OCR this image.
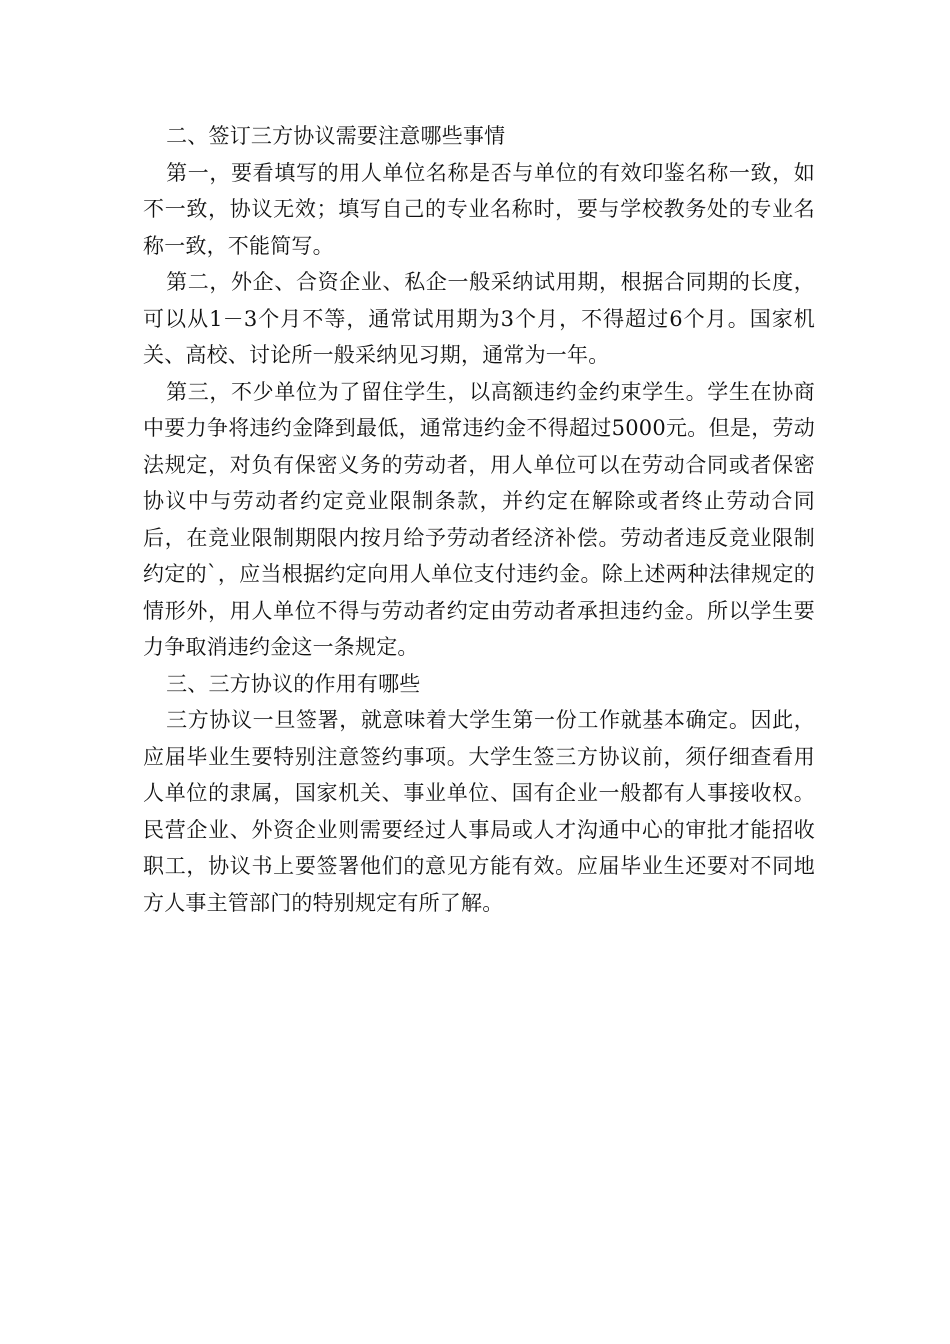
二、签订三方协议需要注意哪些事情

第一，要看填写的用人单位名称是否与单位的有效印鉴名称一致，如不一致，协议无效；填写自己的专业名称时，要与学校教务处的专业名称一致，不能简写。

第二，外企、合资企业、私企一般采纳试用期，根据合同期的长度，可以从1－3个月不等，通常试用期为3个月，不得超过6个月。国家机关、高校、讨论所一般采纳见习期，通常为一年。

第三，不少单位为了留住学生，以高额违约金约束学生。学生在协商中要力争将违约金降到最低，通常违约金不得超过5000元。但是，劳动法规定，对负有保密义务的劳动者，用人单位可以在劳动合同或者保密协议中与劳动者约定竞业限制条款，并约定在解除或者终止劳动合同后，在竞业限制期限内按月给予劳动者经济补偿。劳动者违反竞业限制约定的`，应当根据约定向用人单位支付违约金。除上述两种法律规定的情形外，用人单位不得与劳动者约定由劳动者承担违约金。所以学生要力争取消违约金这一条规定。

三、三方协议的作用有哪些

三方协议一旦签署，就意味着大学生第一份工作就基本确定。因此，应届毕业生要特别注意签约事项。大学生签三方协议前，须仔细查看用人单位的隶属，国家机关、事业单位、国有企业一般都有人事接收权。民营企业、外资企业则需要经过人事局或人才沟通中心的审批才能招收职工，协议书上要签署他们的意见方能有效。应届毕业生还要对不同地方人事主管部门的特别规定有所了解。
